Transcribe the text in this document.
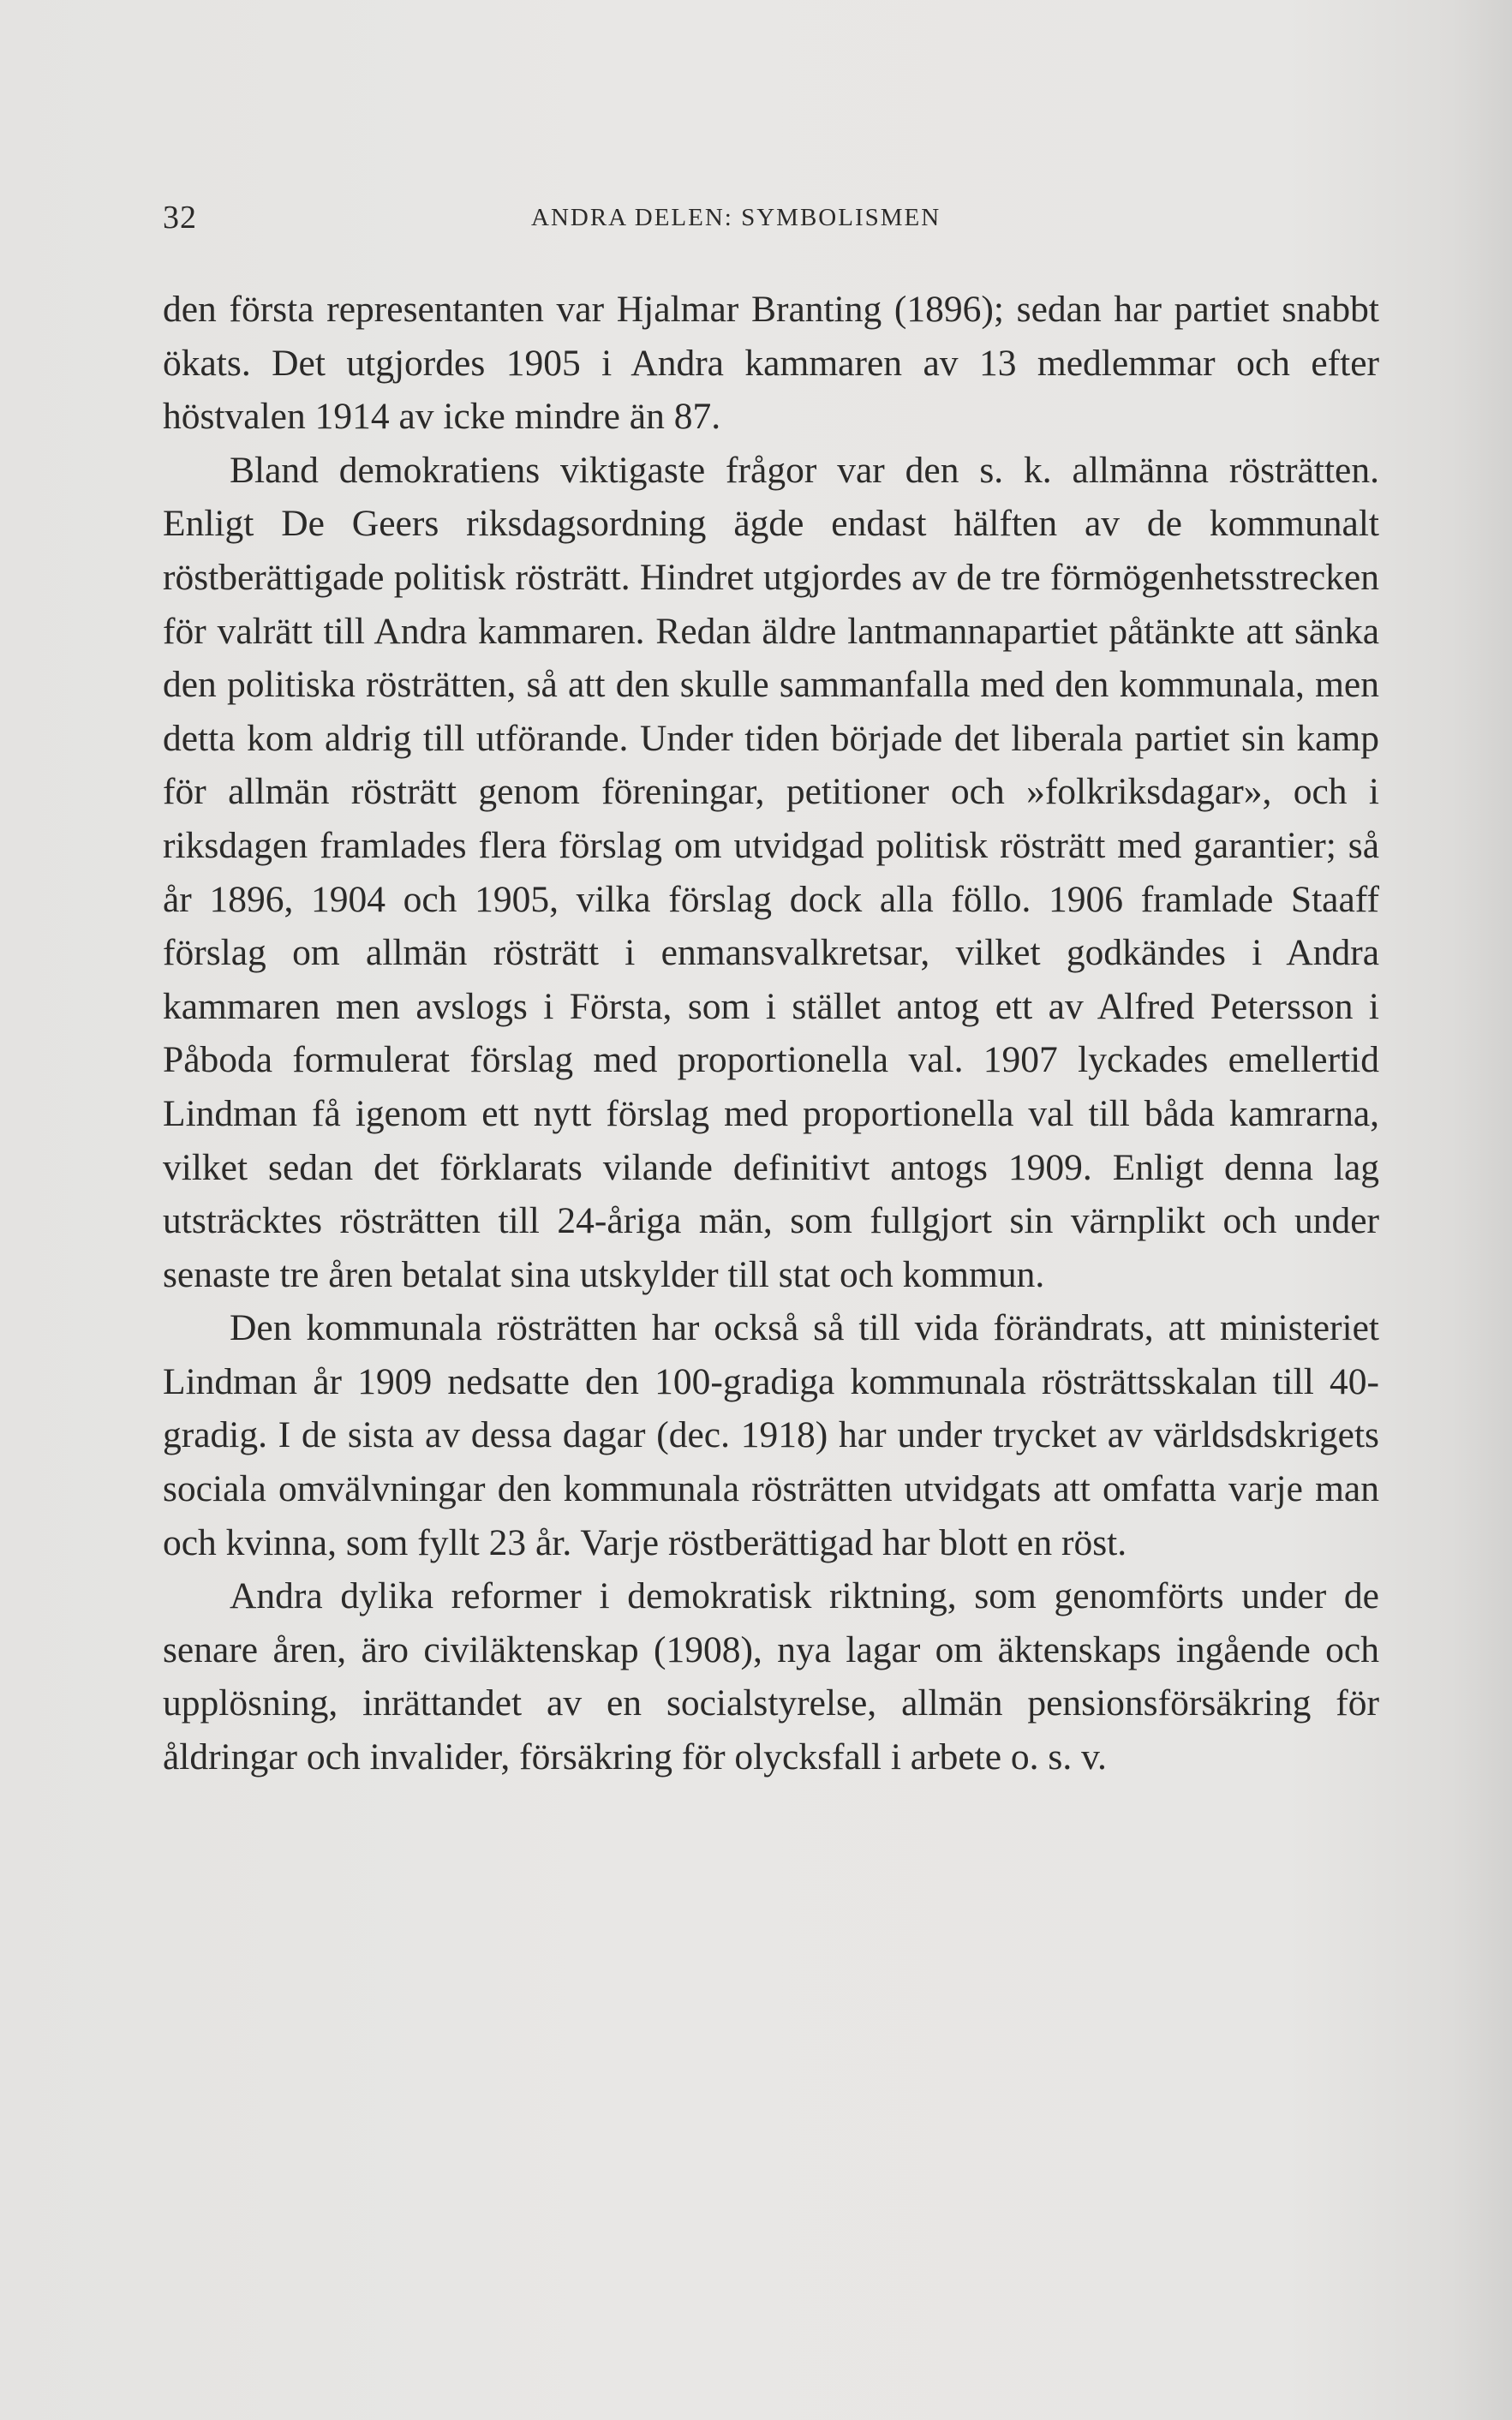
32	ANDRA DELEN: SYMBOLISMEN

den första representanten var Hjalmar Branting (1896); sedan har partiet snabbt ökats. Det utgjordes 1905 i Andra kammaren av 13 medlemmar och efter höstvalen 1914 av icke mindre än 87.

Bland demokratiens viktigaste frågor var den s. k. allmänna rösträtten. Enligt De Geers riksdagsordning ägde endast hälften av de kommunalt röstberättigade politisk rösträtt. Hindret utgjordes av de tre förmögenhetsstrecken för valrätt till Andra kammaren. Redan äldre lantmannapartiet påtänkte att sänka den politiska rösträtten, så att den skulle sammanfalla med den kommunala, men detta kom aldrig till utförande. Under tiden började det liberala partiet sin kamp för allmän rösträtt genom föreningar, petitioner och »folkriksdagar», och i riksdagen framlades flera förslag om utvidgad politisk rösträtt med garantier; så år 1896, 1904 och 1905, vilka förslag dock alla föllo. 1906 framlade Staaff förslag om allmän rösträtt i enmansvalkretsar, vilket godkändes i Andra kammaren men avslogs i Första, som i stället antog ett av Alfred Petersson i Påboda formulerat förslag med proportionella val. 1907 lyckades emellertid Lindman få igenom ett nytt förslag med proportionella val till båda kamrarna, vilket sedan det förklarats vilande definitivt antogs 1909. Enligt denna lag utsträcktes rösträtten till 24-åriga män, som fullgjort sin värnplikt och under senaste tre åren betalat sina utskylder till stat och kommun.

Den kommunala rösträtten har också så till vida förändrats, att ministeriet Lindman år 1909 nedsatte den 100-gradiga kommunala rösträttsskalan till 40-gradig. I de sista av dessa dagar (dec. 1918) har under trycket av världsdskrigets sociala omvälvningar den kommunala rösträtten utvidgats att omfatta varje man och kvinna, som fyllt 23 år. Varje röstberättigad har blott en röst.

Andra dylika reformer i demokratisk riktning, som genomförts under de senare åren, äro civiläktenskap (1908), nya lagar om äktenskaps ingående och upplösning, inrättandet av en socialstyrelse, allmän pensionsförsäkring för åldringar och invalider, försäkring för olycksfall i arbete o. s. v.
